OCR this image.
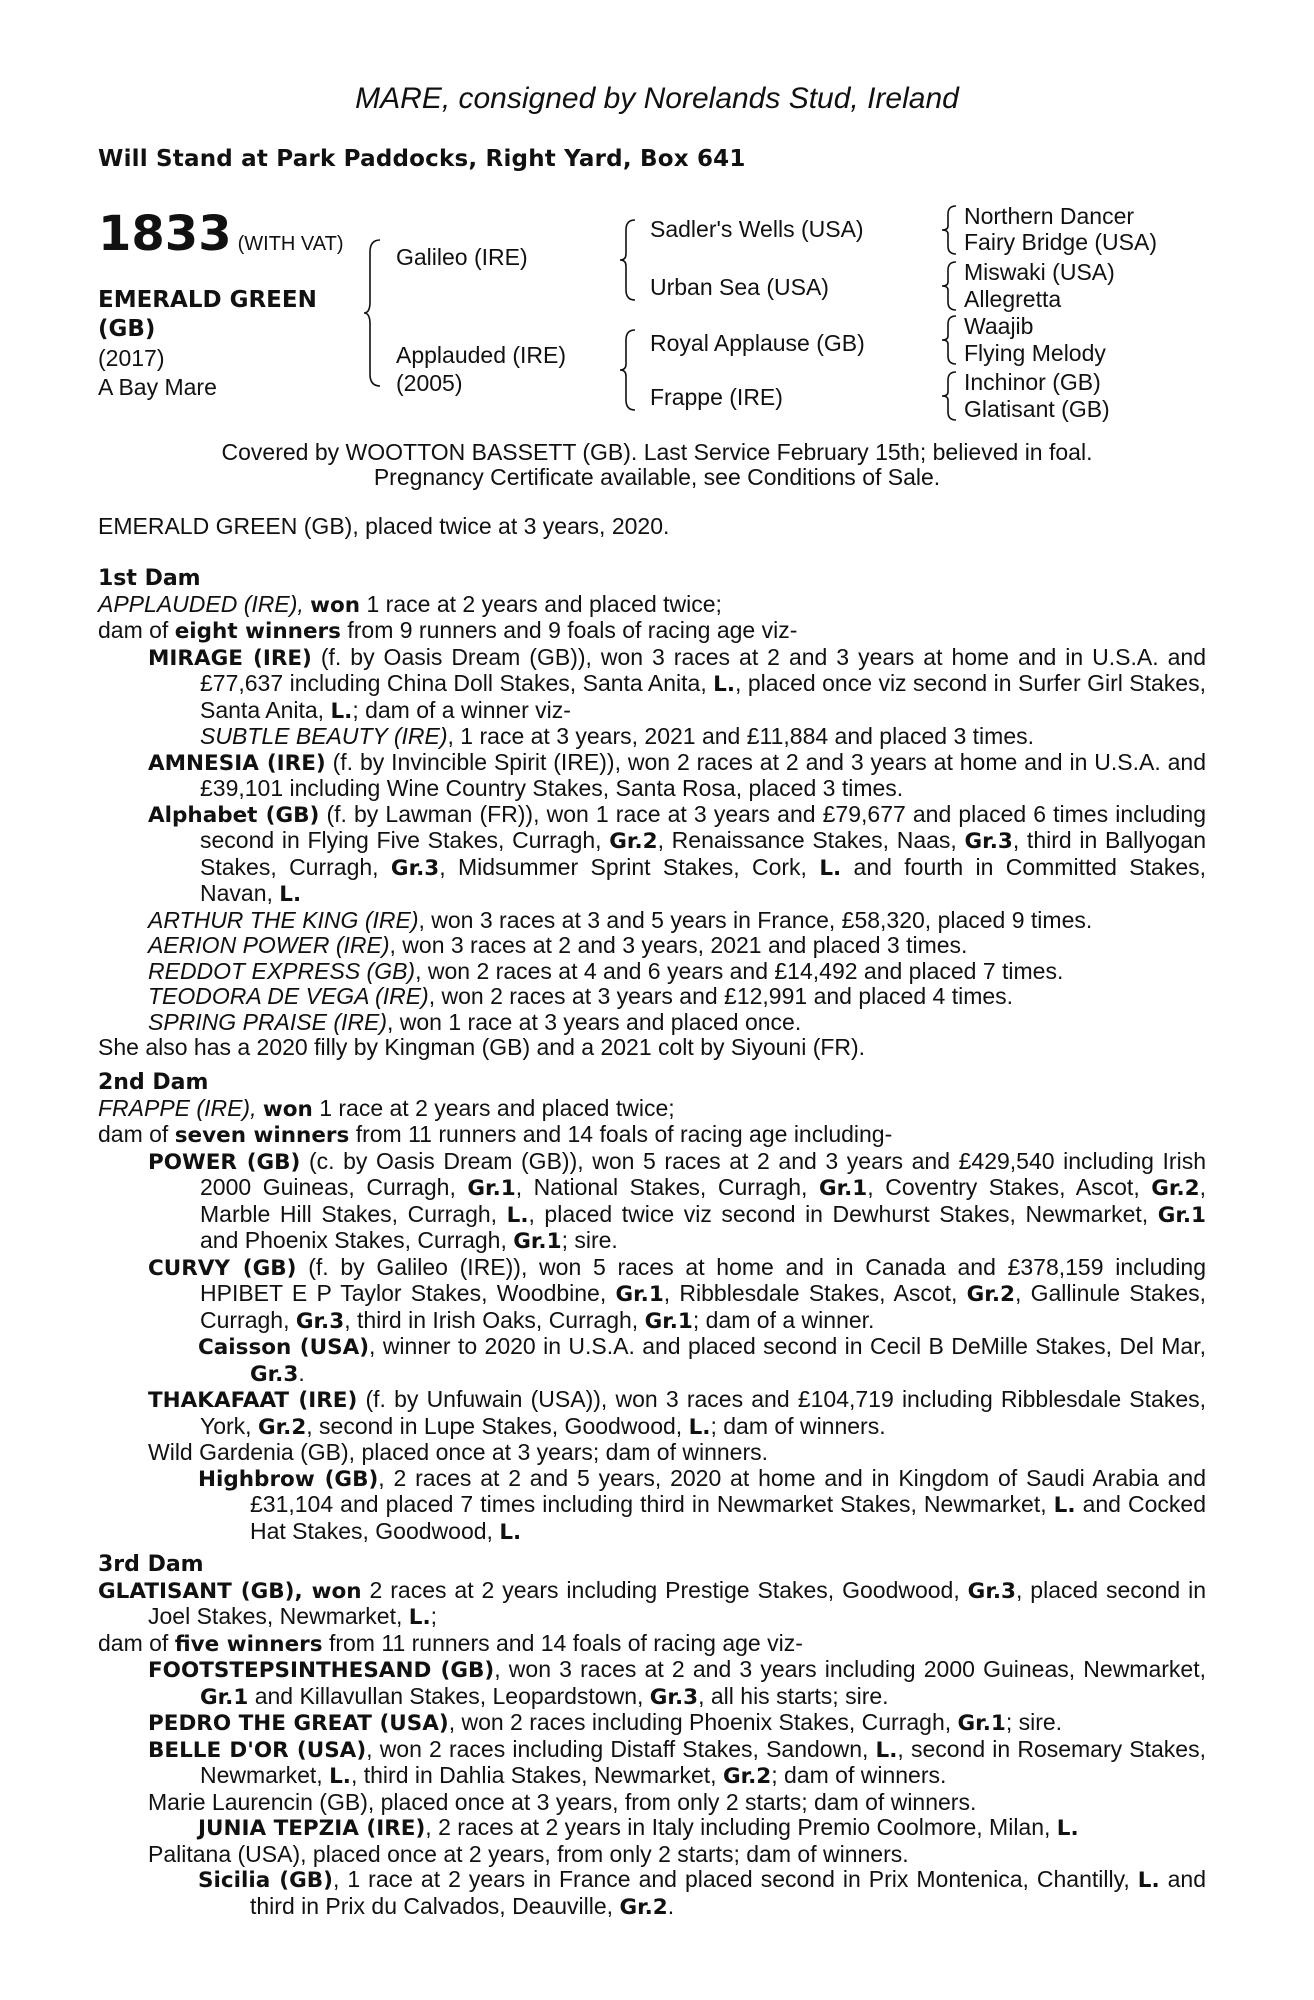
MARE, consigned by Norelands Stud, Ireland
Will Stand at Park Paddocks, Right Yard, Box 641
1833 (WITH VAT)
EMERALD GREEN
(GB)
(2017)
A Bay Mare
Galileo (IRE)
Applauded (IRE)
(2005)
Sadler's Wells (USA)
Urban Sea (USA)
Royal Applause (GB)
Frappe (IRE)
Northern Dancer
Fairy Bridge (USA)
Miswaki (USA)
Allegretta
Waajib
Flying Melody
Inchinor (GB)
Glatisant (GB)
Covered by WOOTTON BASSETT (GB). Last Service February 15th; believed in foal.
Pregnancy Certificate available, see Conditions of Sale.
EMERALD GREEN (GB), placed twice at 3 years, 2020.

1st Dam

APPLAUDED (IRE), won 1 race at 2 years and placed twice;

dam of eight winners from 9 runners and 9 foals of racing age viz-

MIRAGE (IRE) (f. by Oasis Dream (GB)), won 3 races at 2 and 3 years at home and in U.S.A. and £77,637 including China Doll Stakes, Santa Anita, L., placed once viz second in Surfer Girl Stakes, Santa Anita, L.; dam of a winner viz-

SUBTLE BEAUTY (IRE), 1 race at 3 years, 2021 and £11,884 and placed 3 times.

AMNESIA (IRE) (f. by Invincible Spirit (IRE)), won 2 races at 2 and 3 years at home and in U.S.A. and £39,101 including Wine Country Stakes, Santa Rosa, placed 3 times.

Alphabet (GB) (f. by Lawman (FR)), won 1 race at 3 years and £79,677 and placed 6 times including second in Flying Five Stakes, Curragh, Gr.2, Renaissance Stakes, Naas, Gr.3, third in Ballyogan Stakes, Curragh, Gr.3, Midsummer Sprint Stakes, Cork, L. and fourth in Committed Stakes, Navan, L.

ARTHUR THE KING (IRE), won 3 races at 3 and 5 years in France, £58,320, placed 9 times.

AERION POWER (IRE), won 3 races at 2 and 3 years, 2021 and placed 3 times.

REDDOT EXPRESS (GB), won 2 races at 4 and 6 years and £14,492 and placed 7 times.

TEODORA DE VEGA (IRE), won 2 races at 3 years and £12,991 and placed 4 times.

SPRING PRAISE (IRE), won 1 race at 3 years and placed once.

She also has a 2020 filly by Kingman (GB) and a 2021 colt by Siyouni (FR).

2nd Dam

FRAPPE (IRE), won 1 race at 2 years and placed twice;

dam of seven winners from 11 runners and 14 foals of racing age including-

POWER (GB) (c. by Oasis Dream (GB)), won 5 races at 2 and 3 years and £429,540 including Irish 2000 Guineas, Curragh, Gr.1, National Stakes, Curragh, Gr.1, Coventry Stakes, Ascot, Gr.2, Marble Hill Stakes, Curragh, L., placed twice viz second in Dewhurst Stakes, Newmarket, Gr.1 and Phoenix Stakes, Curragh, Gr.1; sire.

CURVY (GB) (f. by Galileo (IRE)), won 5 races at home and in Canada and £378,159 including HPIBET E P Taylor Stakes, Woodbine, Gr.1, Ribblesdale Stakes, Ascot, Gr.2, Gallinule Stakes, Curragh, Gr.3, third in Irish Oaks, Curragh, Gr.1; dam of a winner.

Caisson (USA), winner to 2020 in U.S.A. and placed second in Cecil B DeMille Stakes, Del Mar, Gr.3.

THAKAFAAT (IRE) (f. by Unfuwain (USA)), won 3 races and £104,719 including Ribblesdale Stakes, York, Gr.2, second in Lupe Stakes, Goodwood, L.; dam of winners.

Wild Gardenia (GB), placed once at 3 years; dam of winners.

Highbrow (GB), 2 races at 2 and 5 years, 2020 at home and in Kingdom of Saudi Arabia and £31,104 and placed 7 times including third in Newmarket Stakes, Newmarket, L. and Cocked Hat Stakes, Goodwood, L.

3rd Dam

GLATISANT (GB), won 2 races at 2 years including Prestige Stakes, Goodwood, Gr.3, placed second in Joel Stakes, Newmarket, L.;

dam of five winners from 11 runners and 14 foals of racing age viz-

FOOTSTEPSINTHESAND (GB), won 3 races at 2 and 3 years including 2000 Guineas, Newmarket, Gr.1 and Killavullan Stakes, Leopardstown, Gr.3, all his starts; sire.

PEDRO THE GREAT (USA), won 2 races including Phoenix Stakes, Curragh, Gr.1; sire.

BELLE D'OR (USA), won 2 races including Distaff Stakes, Sandown, L., second in Rosemary Stakes, Newmarket, L., third in Dahlia Stakes, Newmarket, Gr.2; dam of winners.

Marie Laurencin (GB), placed once at 3 years, from only 2 starts; dam of winners.

JUNIA TEPZIA (IRE), 2 races at 2 years in Italy including Premio Coolmore, Milan, L.

Palitana (USA), placed once at 2 years, from only 2 starts; dam of winners.

Sicilia (GB), 1 race at 2 years in France and placed second in Prix Montenica, Chantilly, L. and third in Prix du Calvados, Deauville, Gr.2.
